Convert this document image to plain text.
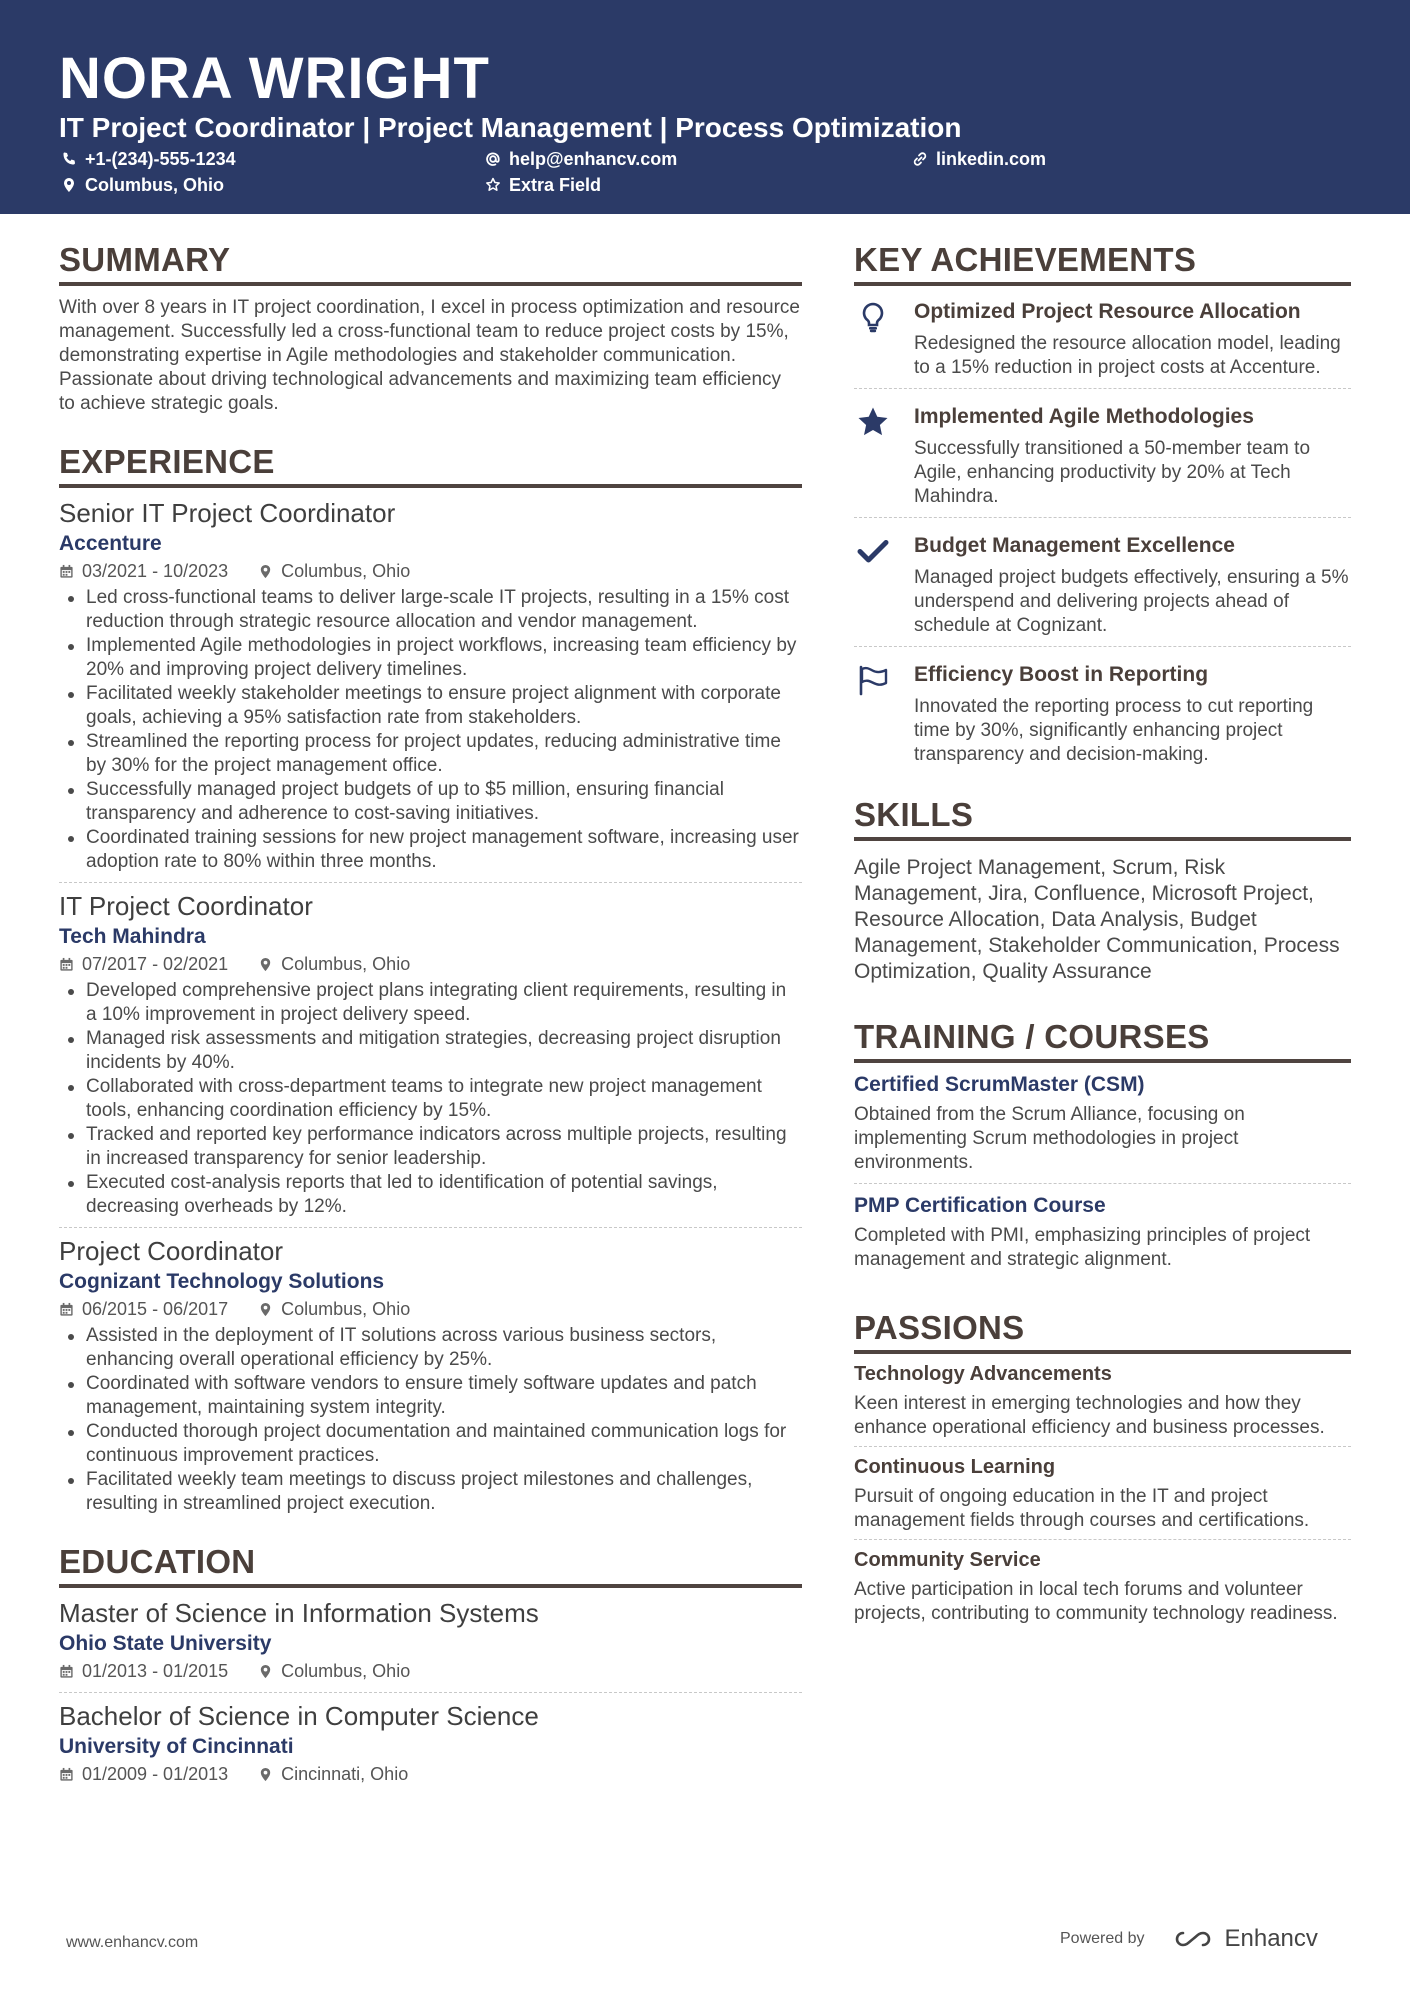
NORA WRIGHT
IT Project Coordinator | Project Management | Process Optimization
+1-(234)-555-1234	help@enhancv.com	linkedin.com
Columbus, Ohio	Extra Field
SUMMARY
With over 8 years in IT project coordination, I excel in process optimization and resource management. Successfully led a cross-functional team to reduce project costs by 15%, demonstrating expertise in Agile methodologies and stakeholder communication. Passionate about driving technological advancements and maximizing team efficiency to achieve strategic goals.
EXPERIENCE
Senior IT Project Coordinator
Accenture
03/2021 - 10/2023	Columbus, Ohio
Led cross-functional teams to deliver large-scale IT projects, resulting in a 15% cost reduction through strategic resource allocation and vendor management.
Implemented Agile methodologies in project workflows, increasing team efficiency by 20% and improving project delivery timelines.
Facilitated weekly stakeholder meetings to ensure project alignment with corporate goals, achieving a 95% satisfaction rate from stakeholders.
Streamlined the reporting process for project updates, reducing administrative time by 30% for the project management office.
Successfully managed project budgets of up to $5 million, ensuring financial transparency and adherence to cost-saving initiatives.
Coordinated training sessions for new project management software, increasing user adoption rate to 80% within three months.
IT Project Coordinator
Tech Mahindra
07/2017 - 02/2021	Columbus, Ohio
Developed comprehensive project plans integrating client requirements, resulting in a 10% improvement in project delivery speed.
Managed risk assessments and mitigation strategies, decreasing project disruption incidents by 40%.
Collaborated with cross-department teams to integrate new project management tools, enhancing coordination efficiency by 15%.
Tracked and reported key performance indicators across multiple projects, resulting in increased transparency for senior leadership.
Executed cost-analysis reports that led to identification of potential savings, decreasing overheads by 12%.
Project Coordinator
Cognizant Technology Solutions
06/2015 - 06/2017	Columbus, Ohio
Assisted in the deployment of IT solutions across various business sectors, enhancing overall operational efficiency by 25%.
Coordinated with software vendors to ensure timely software updates and patch management, maintaining system integrity.
Conducted thorough project documentation and maintained communication logs for continuous improvement practices.
Facilitated weekly team meetings to discuss project milestones and challenges, resulting in streamlined project execution.
EDUCATION
Master of Science in Information Systems
Ohio State University
01/2013 - 01/2015	Columbus, Ohio
Bachelor of Science in Computer Science
University of Cincinnati
01/2009 - 01/2013	Cincinnati, Ohio
KEY ACHIEVEMENTS
Optimized Project Resource Allocation
Redesigned the resource allocation model, leading to a 15% reduction in project costs at Accenture.
Implemented Agile Methodologies
Successfully transitioned a 50-member team to Agile, enhancing productivity by 20% at Tech Mahindra.
Budget Management Excellence
Managed project budgets effectively, ensuring a 5% underspend and delivering projects ahead of schedule at Cognizant.
Efficiency Boost in Reporting
Innovated the reporting process to cut reporting time by 30%, significantly enhancing project transparency and decision-making.
SKILLS
Agile Project Management, Scrum, Risk Management, Jira, Confluence, Microsoft Project, Resource Allocation, Data Analysis, Budget Management, Stakeholder Communication, Process Optimization, Quality Assurance
TRAINING / COURSES
Certified ScrumMaster (CSM)
Obtained from the Scrum Alliance, focusing on implementing Scrum methodologies in project environments.
PMP Certification Course
Completed with PMI, emphasizing principles of project management and strategic alignment.
PASSIONS
Technology Advancements
Keen interest in emerging technologies and how they enhance operational efficiency and business processes.
Continuous Learning
Pursuit of ongoing education in the IT and project management fields through courses and certifications.
Community Service
Active participation in local tech forums and volunteer projects, contributing to community technology readiness.
www.enhancv.com	Powered by	Enhancv
